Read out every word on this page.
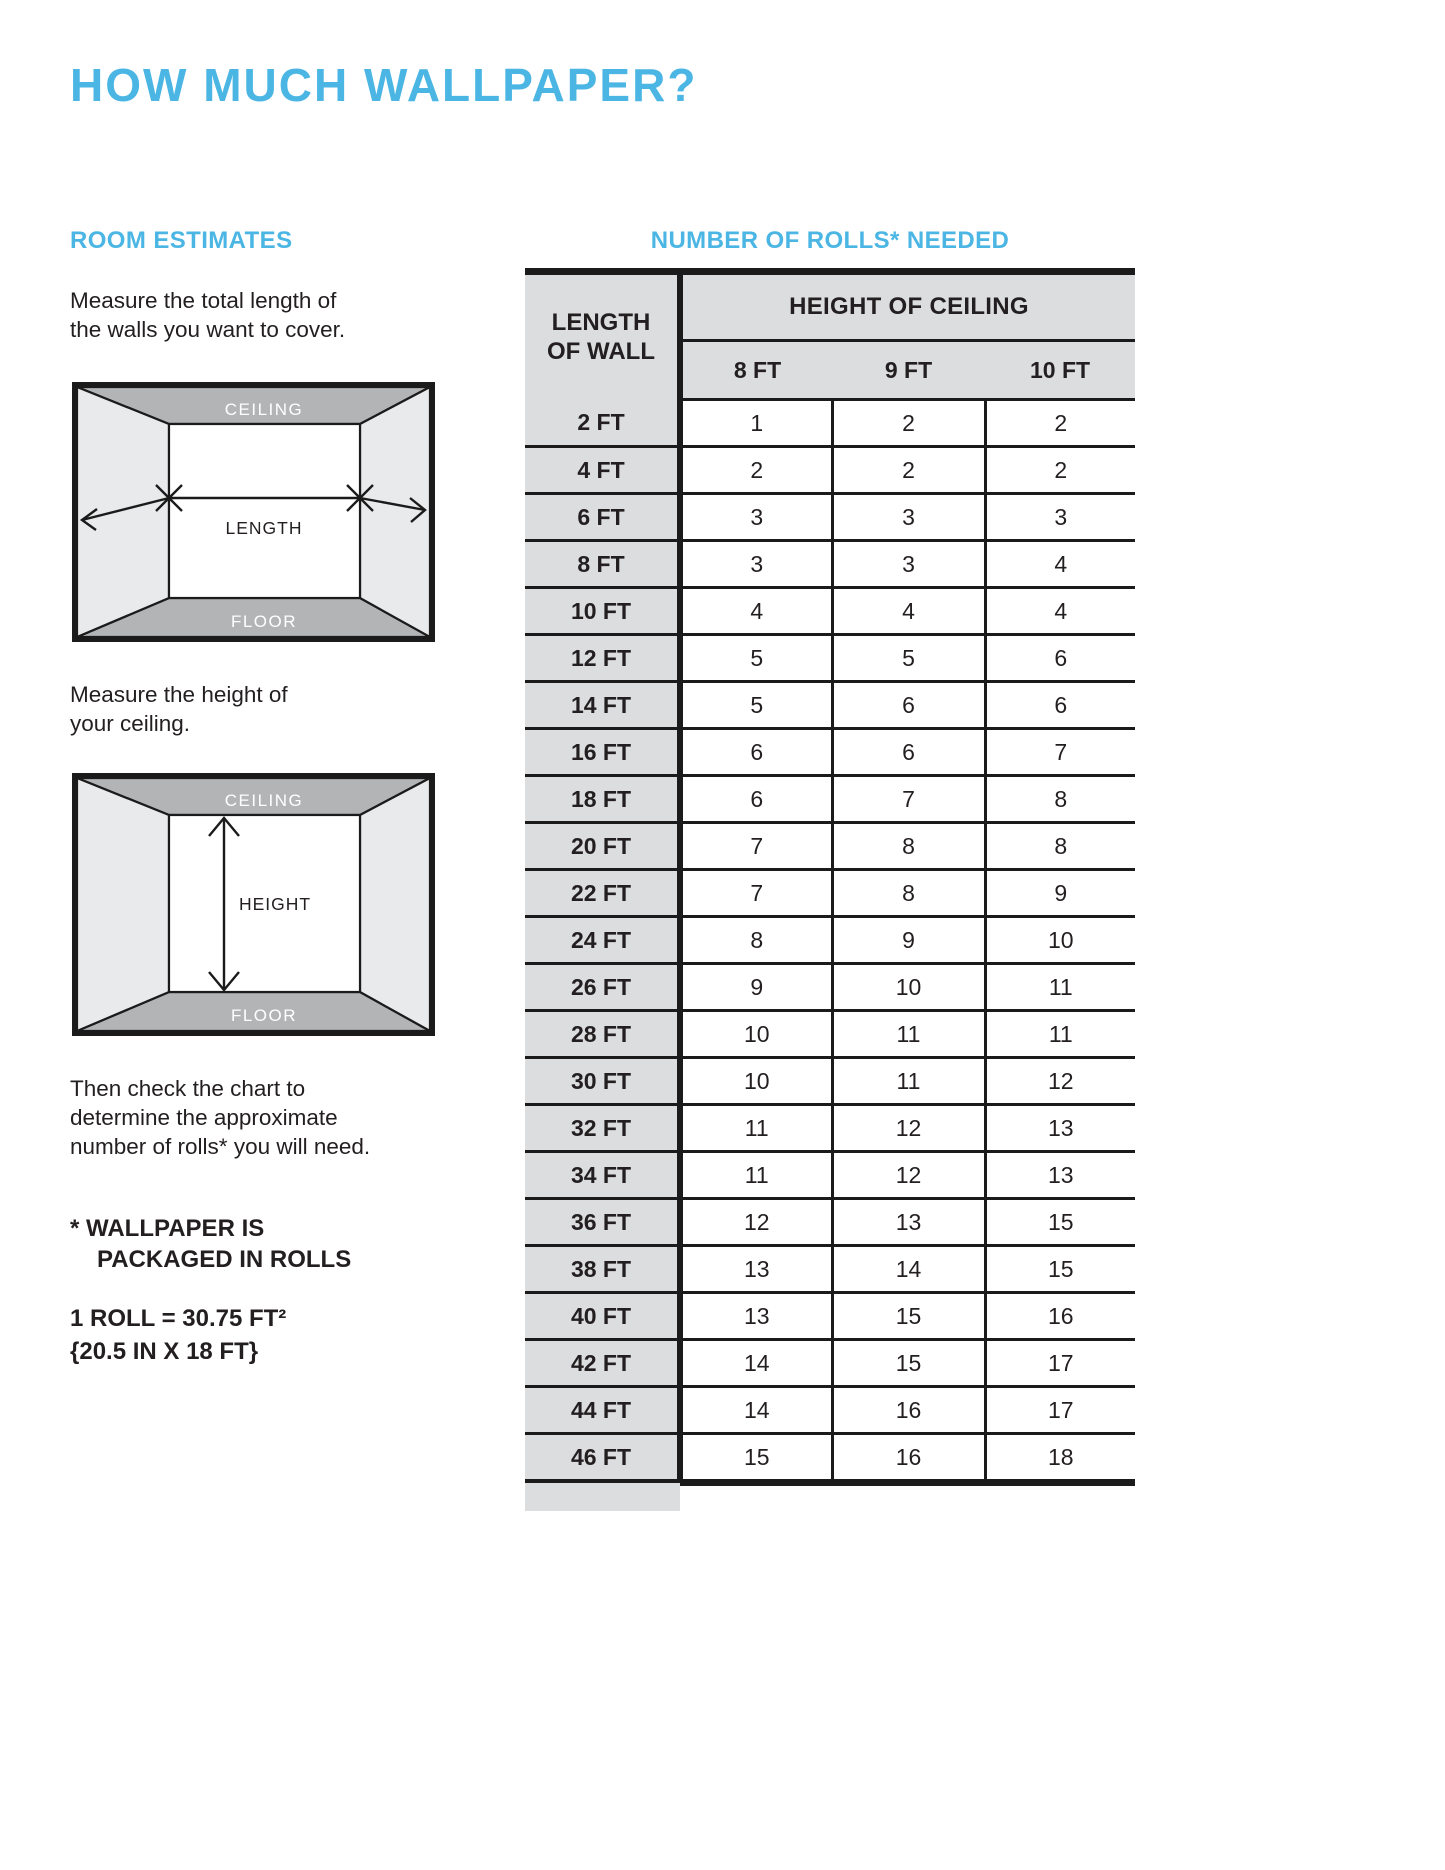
HOW MUCH WALLPAPER?
ROOM ESTIMATES
Measure the total length of
the walls you want to cover.
CEILING
FLOOR
LENGTH
Measure the height of
your ceiling.
CEILING
FLOOR
HEIGHT
Then check the chart to
determine the approximate
number of rolls* you will need.
* WALLPAPER IS
PACKAGED IN ROLLS
1 ROLL = 30.75 FT²
{20.5 IN X 18 FT}
NUMBER OF ROLLS* NEEDED
LENGTH
OF WALL	HEIGHT OF CEILING		
	8 FT	9 FT	10 FT
2 FT	1	2	2
4 FT	2	2	2
6 FT	3	3	3
8 FT	3	3	4
10 FT	4	4	4
12 FT	5	5	6
14 FT	5	6	6
16 FT	6	6	7
18 FT	6	7	8
20 FT	7	8	8
22 FT	7	8	9
24 FT	8	9	10
26 FT	9	10	11
28 FT	10	11	11
30 FT	10	11	12
32 FT	11	12	13
34 FT	11	12	13
36 FT	12	13	15
38 FT	13	14	15
40 FT	13	15	16
42 FT	14	15	17
44 FT	14	16	17
46 FT	15	16	18
